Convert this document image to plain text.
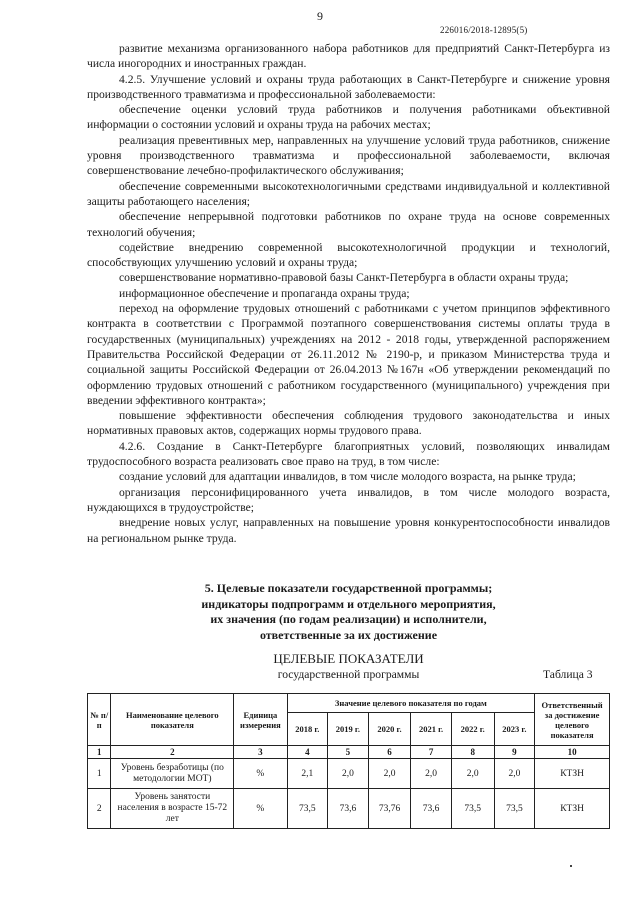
9
226016/2018-12895(5)

развитие механизма организованного набора работников для предприятий Санкт-Петербурга из числа иногородних и иностранных граждан.

4.2.5. Улучшение условий и охраны труда работающих в Санкт-Петербурге и снижение уровня производственного травматизма и профессиональной заболеваемости:

обеспечение оценки условий труда работников и получения работниками объективной информации о состоянии условий и охраны труда на рабочих местах;

реализация превентивных мер, направленных на улучшение условий труда работников, снижение уровня производственного травматизма и профессиональной заболеваемости, включая совершенствование лечебно-профилактического обслуживания;

обеспечение современными высокотехнологичными средствами индивидуальной и коллективной защиты работающего населения;

обеспечение непрерывной подготовки работников по охране труда на основе современных технологий обучения;

содействие внедрению современной высокотехнологичной продукции и технологий, способствующих улучшению условий и охраны труда;

совершенствование нормативно-правовой базы Санкт-Петербурга в области охраны труда;

информационное обеспечение и пропаганда охраны труда;

переход на оформление трудовых отношений с работниками с учетом принципов эффективного контракта в соответствии с Программой поэтапного совершенствования системы оплаты труда в государственных (муниципальных) учреждениях на 2012 - 2018 годы, утвержденной распоряжением Правительства Российской Федерации от 26.11.2012 № 2190-р, и приказом Министерства труда и социальной защиты Российской Федерации от 26.04.2013 №167н «Об утверждении рекомендаций по оформлению трудовых отношений с работником государственного (муниципального) учреждения при введении эффективного контракта»;

повышение эффективности обеспечения соблюдения трудового законодательства и иных нормативных правовых актов, содержащих нормы трудового права.

4.2.6. Создание в Санкт-Петербурге благоприятных условий, позволяющих инвалидам трудоспособного возраста реализовать свое право на труд, в том числе:

создание условий для адаптации инвалидов, в том числе молодого возраста, на рынке труда;

организация персонифицированного учета инвалидов, в том числе молодого возраста, нуждающихся в трудоустройстве;

внедрение новых услуг, направленных на повышение уровня конкурентоспособности инвалидов на региональном рынке труда.

5. Целевые показатели государственной программы;
индикаторы подпрограмм и отдельного мероприятия,
их значения (по годам реализации) и исполнители,
ответственные за их достижение
ЦЕЛЕВЫЕ ПОКАЗАТЕЛИ
государственной программы	Таблица 3
№ п/п	Наименование целевого показателя	Единица измерения	Значение целевого показателя по годам						Ответственный за достижение целевого показателя
			2018 г.	2019 г.	2020 г.	2021 г.	2022 г.	2023 г.	
1	2	3	4	5	6	7	8	9	10
1	Уровень безработицы (по методологии МОТ)	%	2,1	2,0	2,0	2,0	2,0	2,0	КТЗН
2	Уровень занятости населения в возрасте 15-72 лет	%	73,5	73,6	73,76	73,6	73,5	73,5	КТЗН
